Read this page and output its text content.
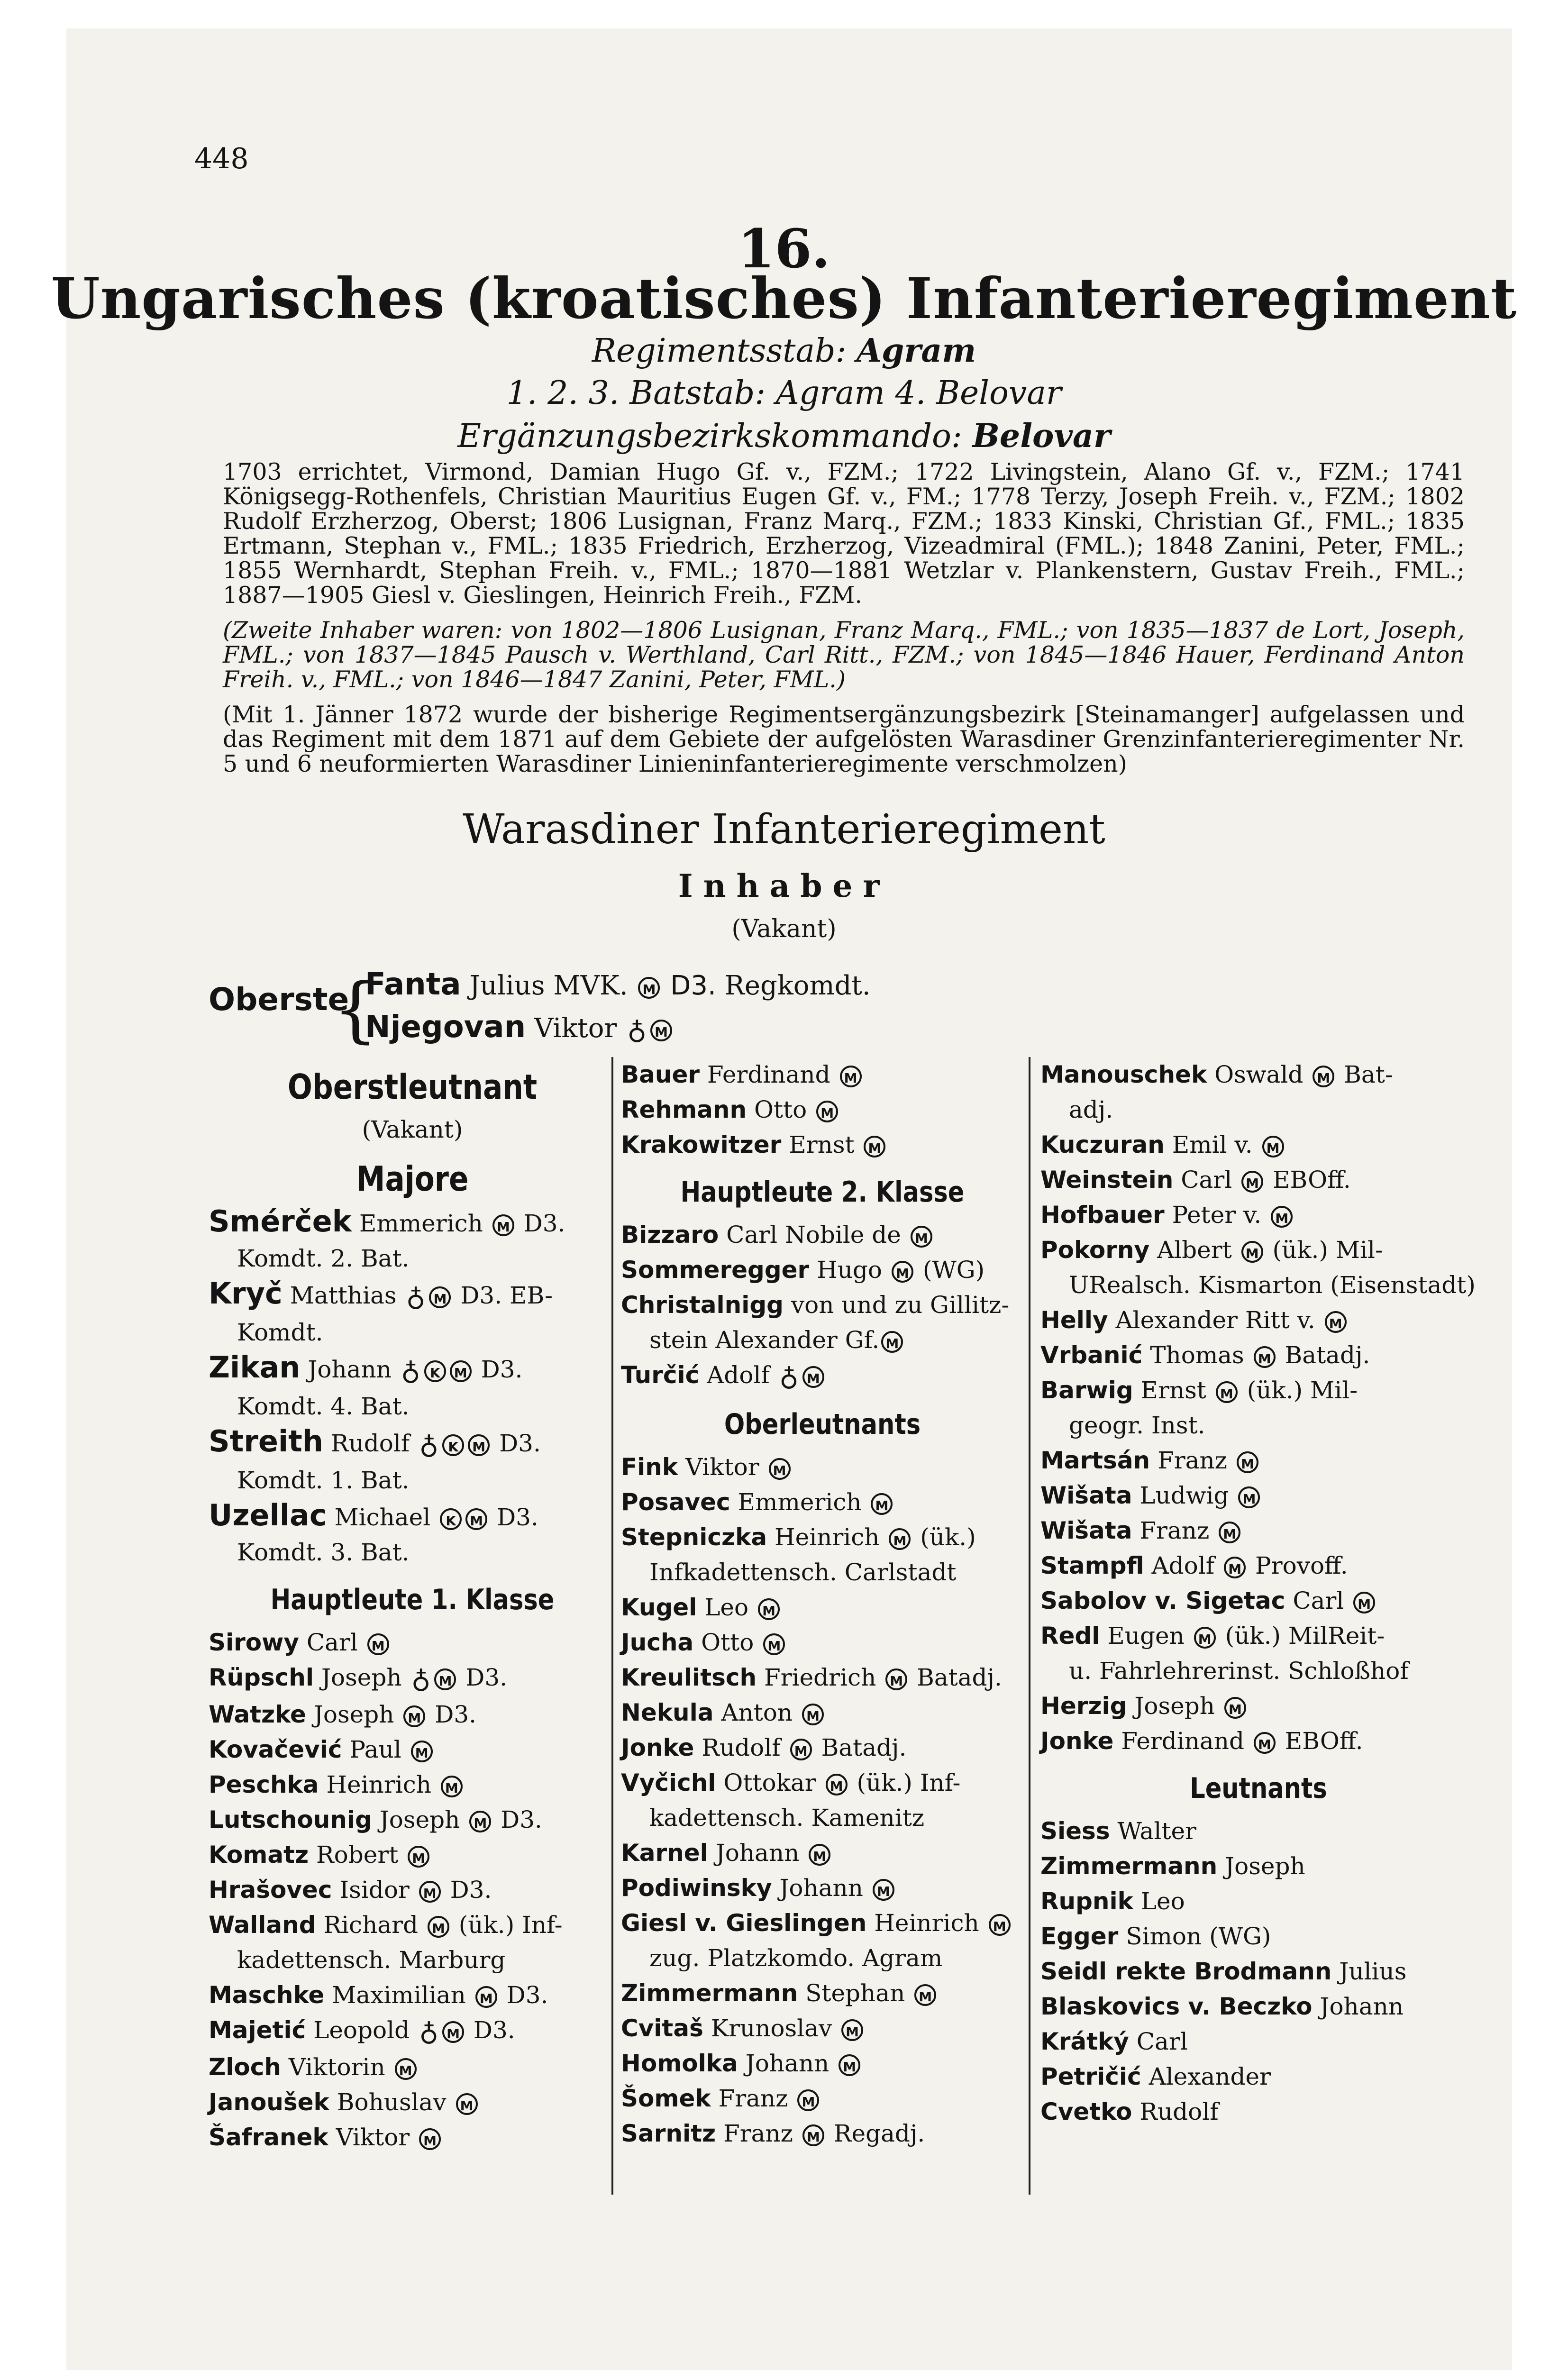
448
16.
Ungarisches (kroatisches) Infanterieregiment
Regimentsstab: Agram
1. 2. 3. Batstab: Agram 4. Belovar
Ergänzungsbezirkskommando: Belovar

1703 errichtet, Virmond, Damian Hugo Gf. v., FZM.; 1722 Livingstein, Alano Gf. v., FZM.; 1741 Königsegg-Rothenfels, Christian Mauritius Eugen Gf. v., FM.; 1778 Terzy, Joseph Freih. v., FZM.; 1802 Rudolf Erzherzog, Oberst; 1806 Lusignan, Franz Marq., FZM.; 1833 Kinski, Christian Gf., FML.; 1835 Ertmann, Stephan v., FML.; 1835 Friedrich, Erzherzog, Vizeadmiral (FML.); 1848 Zanini, Peter, FML.; 1855 Wernhardt, Stephan Freih. v., FML.; 1870—1881 Wetzlar v. Plankenstern, Gustav Freih., FML.; 1887—1905 Giesl v. Gieslingen, Heinrich Freih., FZM.

(Zweite Inhaber waren: von 1802—1806 Lusignan, Franz Marq., FML.; von 1835—1837 de Lort, Joseph, FML.; von 1837—1845 Pausch v. Werthland, Carl Ritt., FZM.; von 1845—1846 Hauer, Ferdinand Anton Freih. v., FML.; von 1846—1847 Zanini, Peter, FML.)

(Mit 1. Jänner 1872 wurde der bisherige Regimentsergänzungsbezirk [Steinamanger] aufgelassen und das Regiment mit dem 1871 auf dem Gebiete der aufgelösten Warasdiner Grenzinfanterieregimenter Nr. 5 und 6 neuformierten Warasdiner Linieninfanterieregimente verschmolzen)

Warasdiner Infanterieregiment
Inhaber
(Vakant)
Oberste
{
Fanta Julius MVK. M D3. Regkomdt.
Njegovan Viktor ♁ M
Oberstleutnant
(Vakant)
Majore
Smérček Emmerich M D3.
Komdt. 2. Bat.
Kryč Matthias ♁ M D3. EB-
Komdt.
Zikan Johann ♁ K M D3.
Komdt. 4. Bat.
Streith Rudolf ♁ K M D3.
Komdt. 1. Bat.
Uzellac Michael K M D3.
Komdt. 3. Bat.
Hauptleute 1. Klasse
Sirowy Carl M
Rüpschl Joseph ♁ M D3.
Watzke Joseph M D3.
Kovačević Paul M
Peschka Heinrich M
Lutschounig Joseph M D3.
Komatz Robert M
Hrašovec Isidor M D3.
Walland Richard M (ük.) Inf-
kadettensch. Marburg
Maschke Maximilian M D3.
Majetić Leopold ♁ M D3.
Zloch Viktorin M
Janoušek Bohuslav M
Šafranek Viktor M
Bauer Ferdinand M
Rehmann Otto M
Krakowitzer Ernst M
Hauptleute 2. Klasse
Bizzaro Carl Nobile de M
Sommeregger Hugo M (WG)
Christalnigg von und zu Gillitz-
stein Alexander Gf. M
Turčić Adolf ♁ M
Oberleutnants
Fink Viktor M
Posavec Emmerich M
Stepniczka Heinrich M (ük.)
Infkadettensch. Carlstadt
Kugel Leo M
Jucha Otto M
Kreulitsch Friedrich M Batadj.
Nekula Anton M
Jonke Rudolf M Batadj.
Vyčichl Ottokar M (ük.) Inf-
kadettensch. Kamenitz
Karnel Johann M
Podiwinsky Johann M
Giesl v. Gieslingen Heinrich M
zug. Platzkomdo. Agram
Zimmermann Stephan M
Cvitaš Krunoslav M
Homolka Johann M
Šomek Franz M
Sarnitz Franz M Regadj.
Manouschek Oswald M Bat-
adj.
Kuczuran Emil v. M
Weinstein Carl M EBOff.
Hofbauer Peter v. M
Pokorny Albert M (ük.) Mil-
URealsch. Kismarton (Eisenstadt)
Helly Alexander Ritt v. M
Vrbanić Thomas M Batadj.
Barwig Ernst M (ük.) Mil-
geogr. Inst.
Martsán Franz M
Wišata Ludwig M
Wišata Franz M
Stampfl Adolf M Provoff.
Sabolov v. Sigetac Carl M
Redl Eugen M (ük.) MilReit-
u. Fahrlehrerinst. Schloßhof
Herzig Joseph M
Jonke Ferdinand M EBOff.
Leutnants
Siess Walter
Zimmermann Joseph
Rupnik Leo
Egger Simon (WG)
Seidl rekte Brodmann Julius
Blaskovics v. Beczko Johann
Krátký Carl
Petričić Alexander
Cvetko Rudolf
